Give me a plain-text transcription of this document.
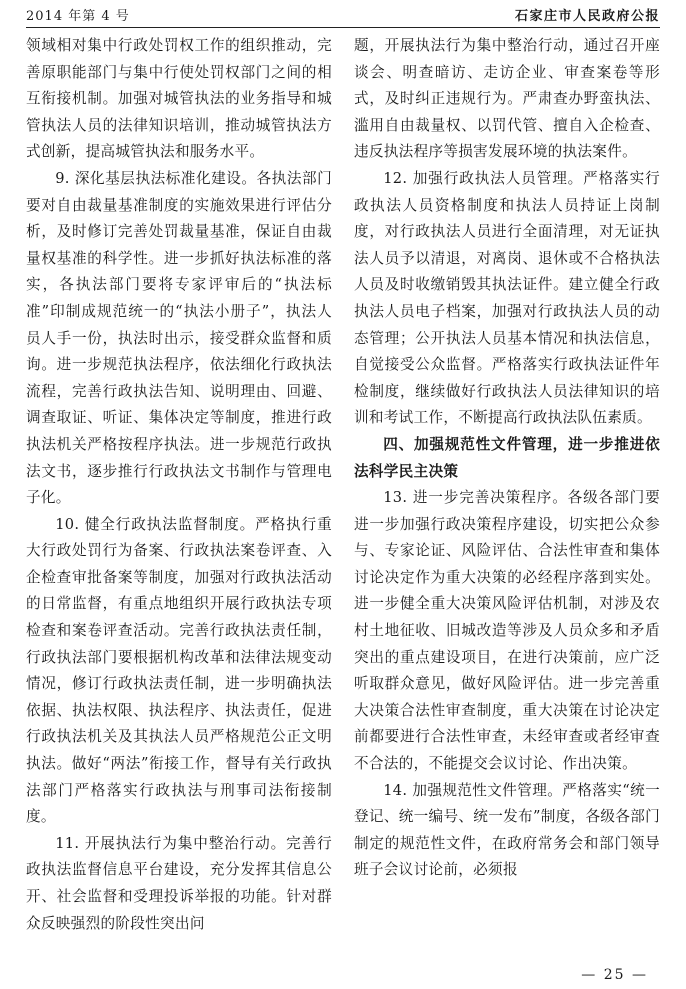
2014 年第 4 号	石家庄市人民政府公报

领域相对集中行政处罚权工作的组织推动，完善原职能部门与集中行使处罚权部门之间的相互衔接机制。加强对城管执法的业务指导和城管执法人员的法律知识培训，推动城管执法方式创新，提高城管执法和服务水平。

9. 深化基层执法标准化建设。各执法部门要对自由裁量基准制度的实施效果进行评估分析，及时修订完善处罚裁量基准，保证自由裁量权基准的科学性。进一步抓好执法标准的落实，各执法部门要将专家评审后的“执法标准”印制成规范统一的“执法小册子”，执法人员人手一份，执法时出示，接受群众监督和质询。进一步规范执法程序，依法细化行政执法流程，完善行政执法告知、说明理由、回避、调查取证、听证、集体决定等制度，推进行政执法机关严格按程序执法。进一步规范行政执法文书，逐步推行行政执法文书制作与管理电子化。

10. 健全行政执法监督制度。严格执行重大行政处罚行为备案、行政执法案卷评查、入企检查审批备案等制度，加强对行政执法活动的日常监督，有重点地组织开展行政执法专项检查和案卷评查活动。完善行政执法责任制，行政执法部门要根据机构改革和法律法规变动情况，修订行政执法责任制，进一步明确执法依据、执法权限、执法程序、执法责任，促进行政执法机关及其执法人员严格规范公正文明执法。做好“两法”衔接工作，督导有关行政执法部门严格落实行政执法与刑事司法衔接制度。

11. 开展执法行为集中整治行动。完善行政执法监督信息平台建设，充分发挥其信息公开、社会监督和受理投诉举报的功能。针对群众反映强烈的阶段性突出问

题，开展执法行为集中整治行动，通过召开座谈会、明查暗访、走访企业、审查案卷等形式，及时纠正违规行为。严肃查办野蛮执法、滥用自由裁量权、以罚代管、擅自入企检查、违反执法程序等损害发展环境的执法案件。

12. 加强行政执法人员管理。严格落实行政执法人员资格制度和执法人员持证上岗制度，对行政执法人员进行全面清理，对无证执法人员予以清退，对离岗、退休或不合格执法人员及时收缴销毁其执法证件。建立健全行政执法人员电子档案，加强对行政执法人员的动态管理；公开执法人员基本情况和执法信息，自觉接受公众监督。严格落实行政执法证件年检制度，继续做好行政执法人员法律知识的培训和考试工作，不断提高行政执法队伍素质。

四、加强规范性文件管理，进一步推进依法科学民主决策

13. 进一步完善决策程序。各级各部门要进一步加强行政决策程序建设，切实把公众参与、专家论证、风险评估、合法性审查和集体讨论决定作为重大决策的必经程序落到实处。进一步健全重大决策风险评估机制，对涉及农村土地征收、旧城改造等涉及人员众多和矛盾突出的重点建设项目，在进行决策前，应广泛听取群众意见，做好风险评估。进一步完善重大决策合法性审查制度，重大决策在讨论决定前都要进行合法性审查，未经审查或者经审查不合法的，不能提交会议讨论、作出决策。

14. 加强规范性文件管理。严格落实“统一登记、统一编号、统一发布”制度，各级各部门制定的规范性文件，在政府常务会和部门领导班子会议讨论前，必须报

— 25 —
